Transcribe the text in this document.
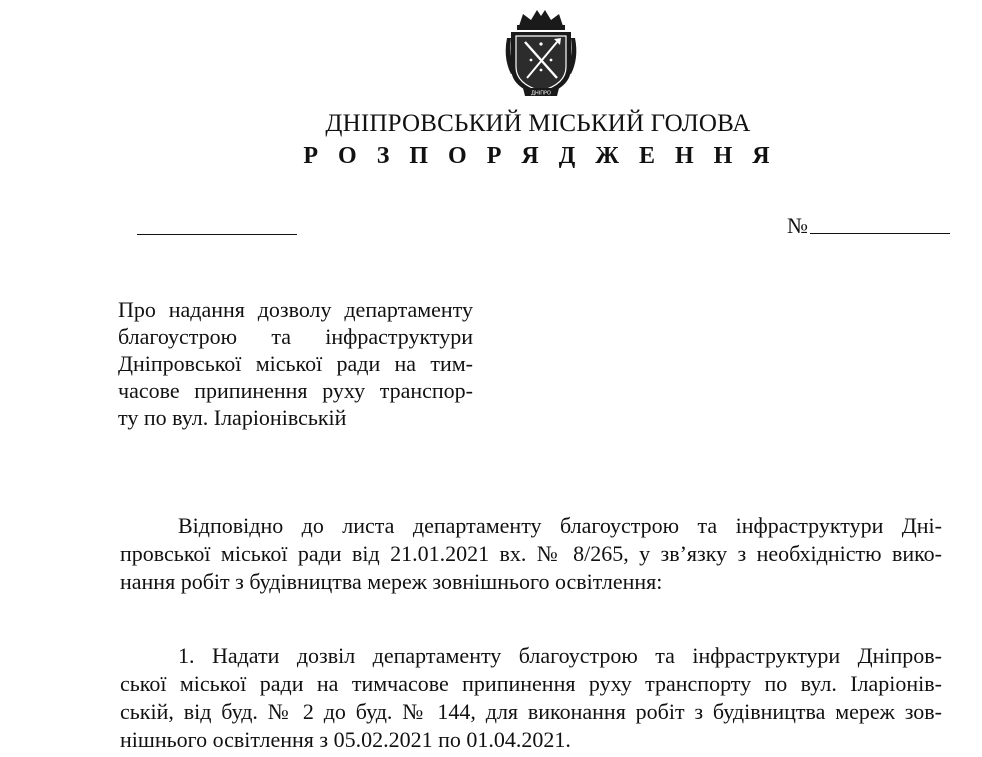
ДНІПРО
ДНІПРОВСЬКИЙ МІСЬКИЙ ГОЛОВА
Р О З П О Р Я Д Ж Е Н Н Я
№
Про надання дозволу департаменту
благоустрою та інфраструктури
Дніпровської міської ради на тим-
часове припинення руху транспор-
ту по вул. Іларіонівській
Відповідно до листа департаменту благоустрою та інфраструктури Дні-
провської міської ради від 21.01.2021 вх. № 8/265, у зв’язку з необхідністю вико-
нання робіт з будівництва мереж зовнішнього освітлення:
1. Надати дозвіл департаменту благоустрою та інфраструктури Дніпров-
ської міської ради на тимчасове припинення руху транспорту по вул. Іларіонів-
ській, від буд. № 2 до буд. № 144, для виконання робіт з будівництва мереж зов-
нішнього освітлення з 05.02.2021 по 01.04.2021.
